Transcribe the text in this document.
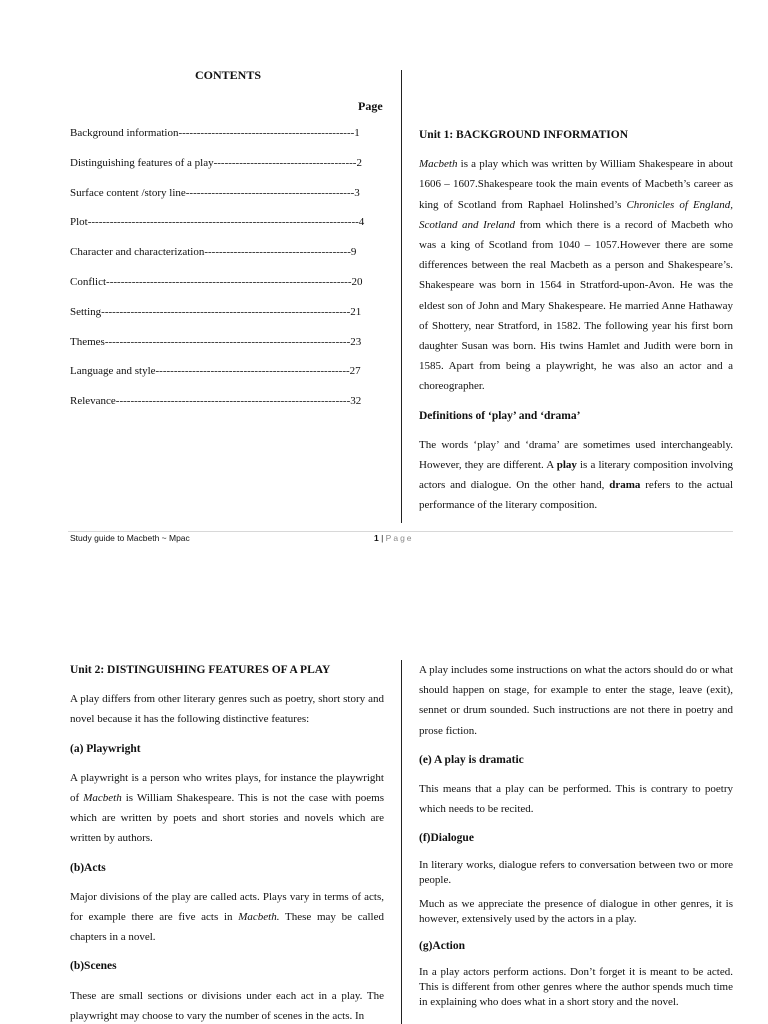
CONTENTS
Page
Background information------------------------------------------------1
Distinguishing features of a play---------------------------------------2
Surface content /story line----------------------------------------------3
Plot--------------------------------------------------------------------------4
Character and characterization----------------------------------------9
Conflict-------------------------------------------------------------------20
Setting--------------------------------------------------------------------21
Themes-------------------------------------------------------------------23
Language and style-----------------------------------------------------27
Relevance----------------------------------------------------------------32

Unit 1: BACKGROUND INFORMATION

Macbeth is a play which was written by William Shakespeare in about 1606 – 1607.Shakespeare took the main events of Macbeth’s career as king of Scotland from Raphael Holinshed’s Chronicles of England, Scotland and Ireland from which there is a record of Macbeth who was a king of Scotland from 1040 – 1057.However there are some differences between the real Macbeth as a person and Shakespeare’s. Shakespeare was born in 1564 in Stratford-upon-Avon. He was the eldest son of John and Mary Shakespeare. He married Anne Hathaway of Shottery, near Stratford, in 1582. The following year his first born daughter Susan was born. His twins Hamlet and Judith were born in 1585. Apart from being a playwright, he was also an actor and a choreographer.

Definitions of ‘play’ and ‘drama’

The words ‘play’ and ‘drama’ are sometimes used interchangeably. However, they are different. A play is a literary composition involving actors and dialogue. On the other hand, drama refers to the actual performance of the literary composition.

Study guide to Macbeth ~ Mpac	1 | Page

Unit 2: DISTINGUISHING FEATURES OF A PLAY

A play differs from other literary genres such as poetry, short story and novel because it has the following distinctive features:

(a) Playwright

A playwright is a person who writes plays, for instance the playwright of Macbeth is William Shakespeare. This is not the case with poems which are written by poets and short stories and novels which are written by authors.

(b)Acts

Major divisions of the play are called acts. Plays vary in terms of acts, for example there are five acts in Macbeth. These may be called chapters in a novel.

(b)Scenes

These are small sections or divisions under each act in a play. The playwright may choose to vary the number of scenes in the acts. In

A play includes some instructions on what the actors should do or what should happen on stage, for example to enter the stage, leave (exit), sennet or drum sounded. Such instructions are not there in poetry and prose fiction.

(e) A play is dramatic

This means that a play can be performed. This is contrary to poetry which needs to be recited.

(f)Dialogue

In literary works, dialogue refers to conversation between two or more people.

Much as we appreciate the presence of dialogue in other genres, it is however, extensively used by the actors in a play.

(g)Action

In a play actors perform actions. Don’t forget it is meant to be acted. This is different from other genres where the author spends much time in explaining who does what in a short story and the novel.
